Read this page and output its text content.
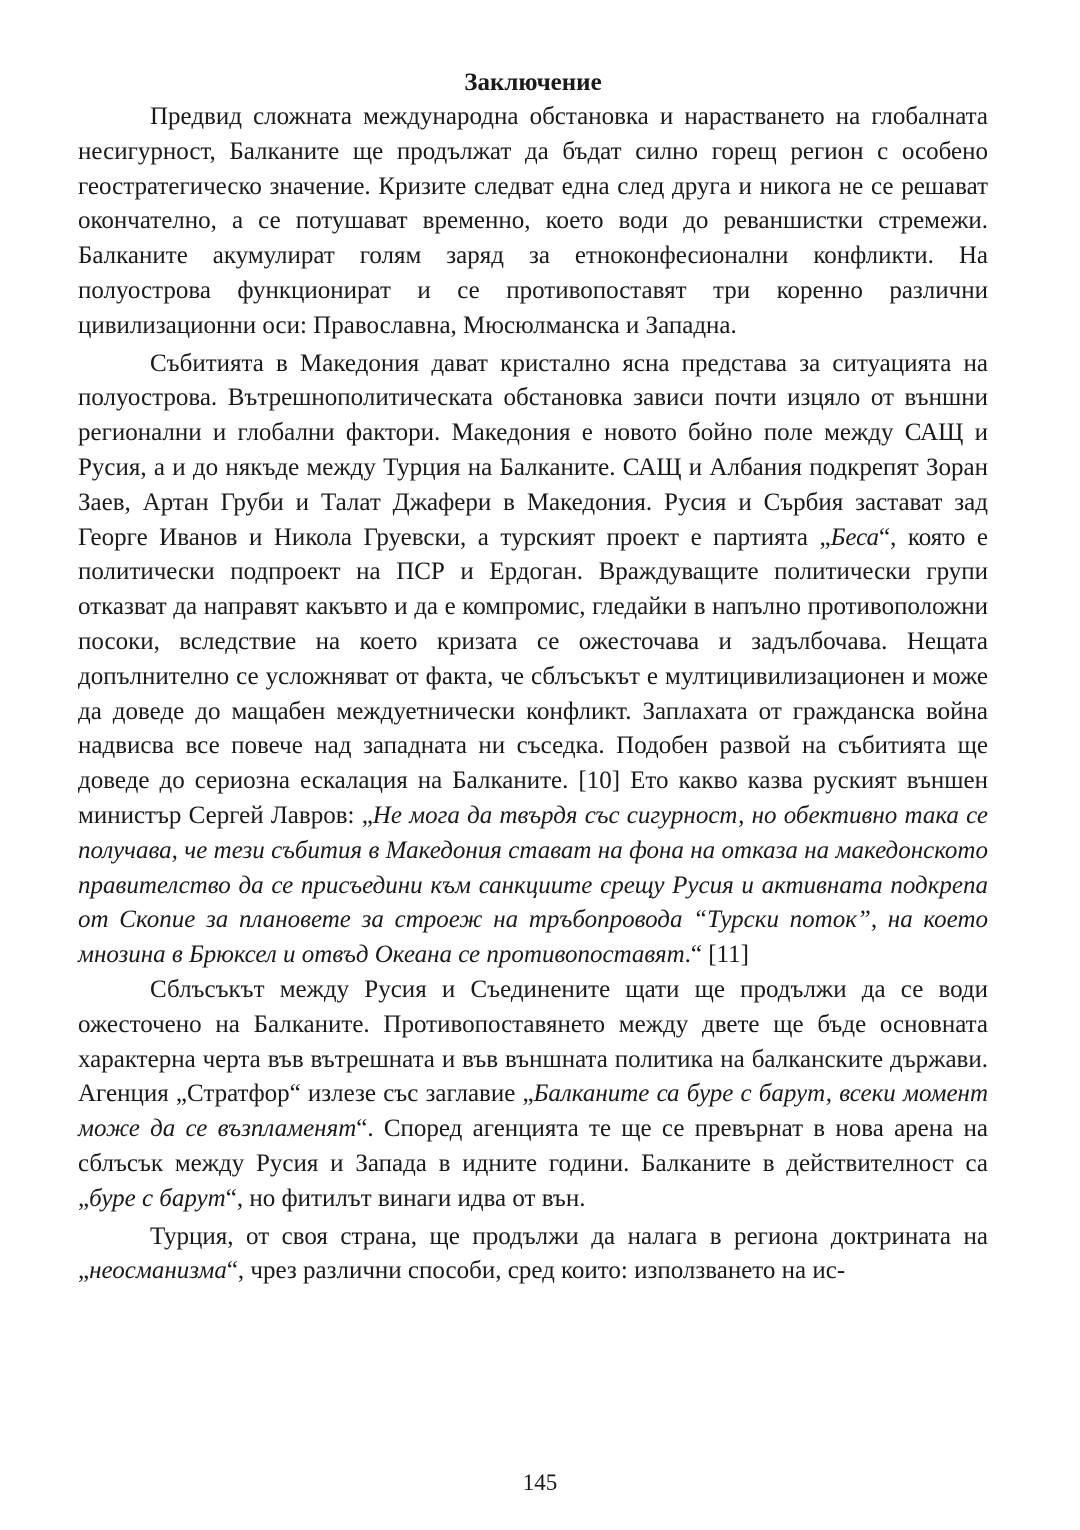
Заключение

Предвид сложната международна обстановка и нарастването на глобалната несигурност, Балканите ще продължат да бъдат силно горещ регион с особено геостратегическо значение. Кризите следват една след друга и никога не се решават окончателно, а се потушават временно, което води до реваншистки стремежи. Балканите акумулират голям заряд за етноконфесионални конфликти. На полуострова функционират и се противопоставят три коренно различни цивилизационни оси: Православна, Мюсюлманска и Западна.

Събитията в Македония дават кристално ясна представа за ситуацията на полуострова. Вътрешнополитическата обстановка зависи почти изцяло от външни регионални и глобални фактори. Македония е новото бойно поле между САЩ и Русия, а и до някъде между Турция на Балканите. САЩ и Албания подкрепят Зоран Заев, Артан Груби и Талат Джафери в Македония. Русия и Сърбия застават зад Георге Иванов и Никола Груевски, а турският проект е партията „Беса“, която е политически подпроект на ПСР и Ердоган. Враждуващите политически групи отказват да направят какъвто и да е компромис, гледайки в напълно противоположни посоки, вследствие на което кризата се ожесточава и задълбочава. Нещата допълнително се усложняват от факта, че сблъсъкът е мултицивилизационен и може да доведе до мащабен междуетнически конфликт. Заплахата от гражданска война надвисва все повече над западната ни съседка. Подобен развой на събитията ще доведе до сериозна ескалация на Балканите. [10] Ето какво казва руският външен министър Сергей Лавров: „Не мога да твърдя със сигурност, но обективно така се получава, че тези събития в Македония стават на фона на отказа на македонското правителство да се присъедини към санкциите срещу Русия и активната подкрепа от Скопие за плановете за строеж на тръбопровода “Турски поток”, на което мнозина в Брюксел и отвъд Океана се противопоставят.“ [11]

Сблъсъкът между Русия и Съединените щати ще продължи да се води ожесточено на Балканите. Противопоставянето между двете ще бъде основната характерна черта във вътрешната и във външната политика на балканските държави. Агенция „Стратфор“ излезе със заглавие „Балканите са буре с барут, всеки момент може да се възпламенят“. Според агенцията те ще се превърнат в нова арена на сблъсък между Русия и Запада в идните години. Балканите в действителност са „буре с барут“, но фитилът винаги идва от вън.

Турция, от своя страна, ще продължи да налага в региона доктрината на „неосманизма“, чрез различни способи, сред които: използването на ис-

145
